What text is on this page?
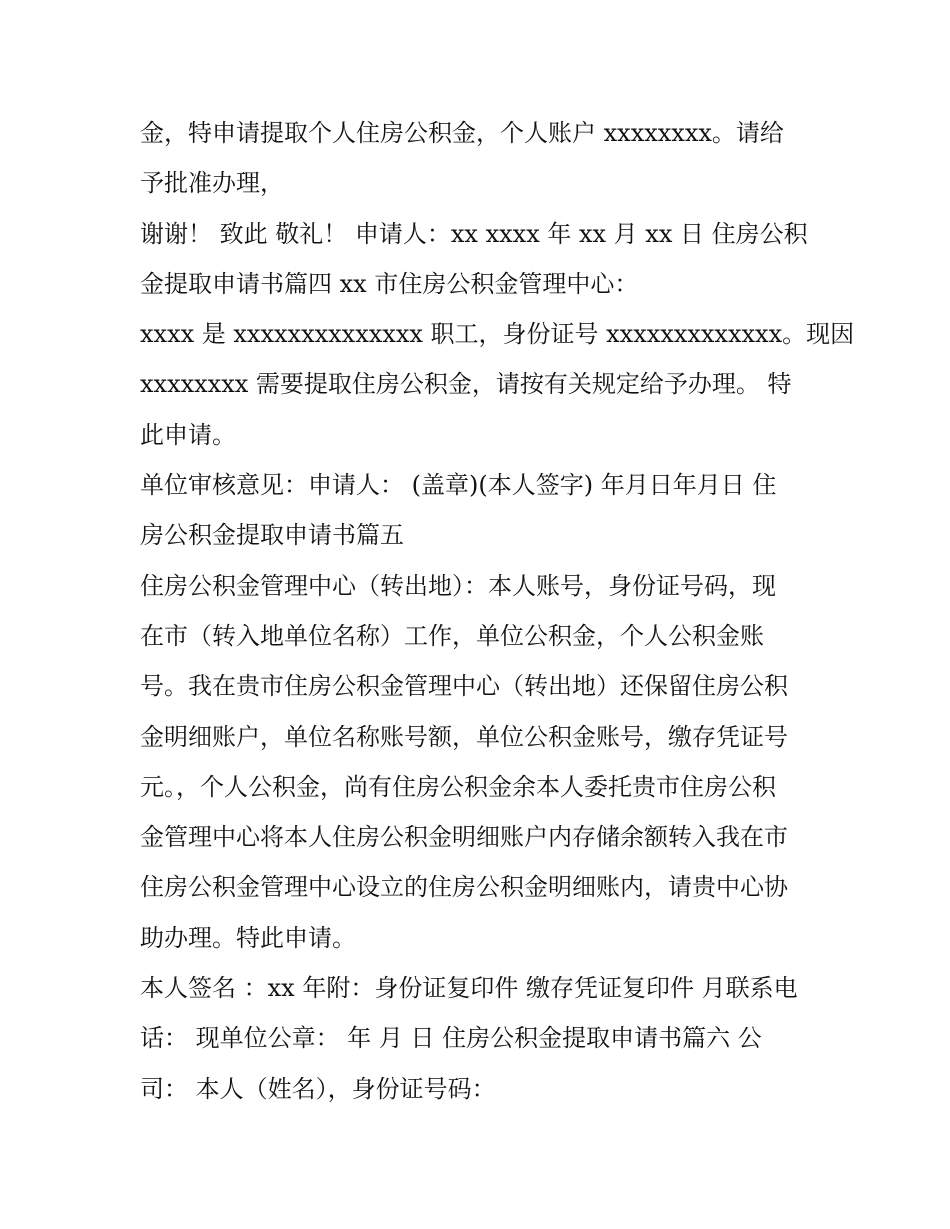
金，特申请提取个人住房公积金，个人账户 xxxxxxxx。请给
予批准办理，
谢谢！ 致此 敬礼！ 申请人：xx xxxx 年 xx 月 xx 日 住房公积
金提取申请书篇四 xx 市住房公积金管理中心：
xxxx 是 xxxxxxxxxxxxxx 职工，身份证号 xxxxxxxxxxxxx。现因
xxxxxxxx 需要提取住房公积金，请按有关规定给予办理。 特
此申请。
单位审核意见：申请人： (盖章)(本人签字) 年月日年月日 住
房公积金提取申请书篇五
住房公积金管理中心（转出地）：本人账号，身份证号码，现
在市（转入地单位名称）工作，单位公积金，个人公积金账
号。我在贵市住房公积金管理中心（转出地）还保留住房公积
金明细账户，单位名称账号额，单位公积金账号，缴存凭证号
元。，个人公积金，尚有住房公积金余本人委托贵市住房公积
金管理中心将本人住房公积金明细账户内存储余额转入我在市
住房公积金管理中心设立的住房公积金明细账内，请贵中心协
助办理。特此申请。
本人签名 ：xx 年附：身份证复印件 缴存凭证复印件 月联系电
话： 现单位公章： 年 月 日 住房公积金提取申请书篇六 公
司： 本人（姓名），身份证号码：
